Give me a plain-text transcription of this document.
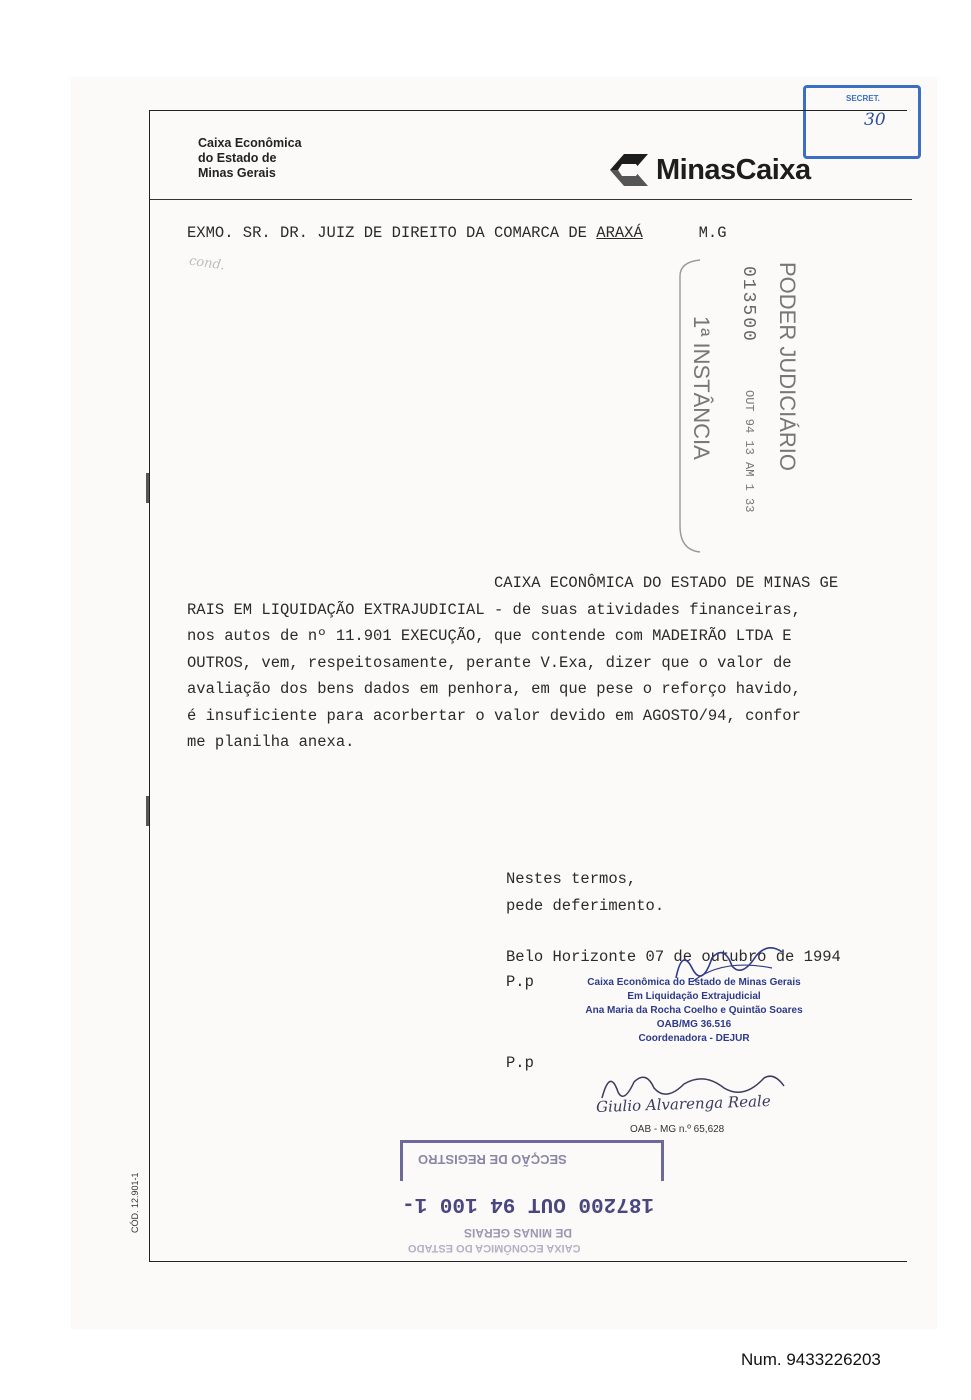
SECRET.
30
Caixa Econômica
do Estado de
Minas Gerais	MinasCaixa
EXMO. SR. DR. JUIZ DE DIREITO DA COMARCA DE ARAXÁ	M.G
cond.	PODER JUDICIÁRIO
013500
OUT 94 13 AM 1 33
1ª INSTÂNCIA
CAIXA ECONÔMICA DO ESTADO DE MINAS GE
RAIS EM LIQUIDAÇÃO EXTRAJUDICIAL - de suas atividades financeiras,
nos autos de nº 11.901 EXECUÇÃO, que contende com MADEIRÃO LTDA E
OUTROS, vem, respeitosamente, perante V.Exa, dizer que o valor de
avaliação dos bens dados em penhora, em que pese o reforço havido,
é insuficiente para acorbertar o valor devido em AGOSTO/94, confor
me planilha anexa.
Nestes termos,
pede deferimento.
Belo Horizonte 07 de outubro de 1994
P.p
P.p
Caixa Econômica do Estado de Minas Gerais
Em Liquidação Extrajudicial
Ana Maria da Rocha Coelho e Quintão Soares
OAB/MG 36.516
Coordenadora - DEJUR
Giulio Alvarenga Reale
OAB - MG n.º 65,628
SECÇÃO DE REGISTRO
187200 OUT 94 100 1-
DE MINAS GERAIS
CAIXA ECONÔMICA DO ESTADO
CÓD. 12.901-1
Num. 9433226203
